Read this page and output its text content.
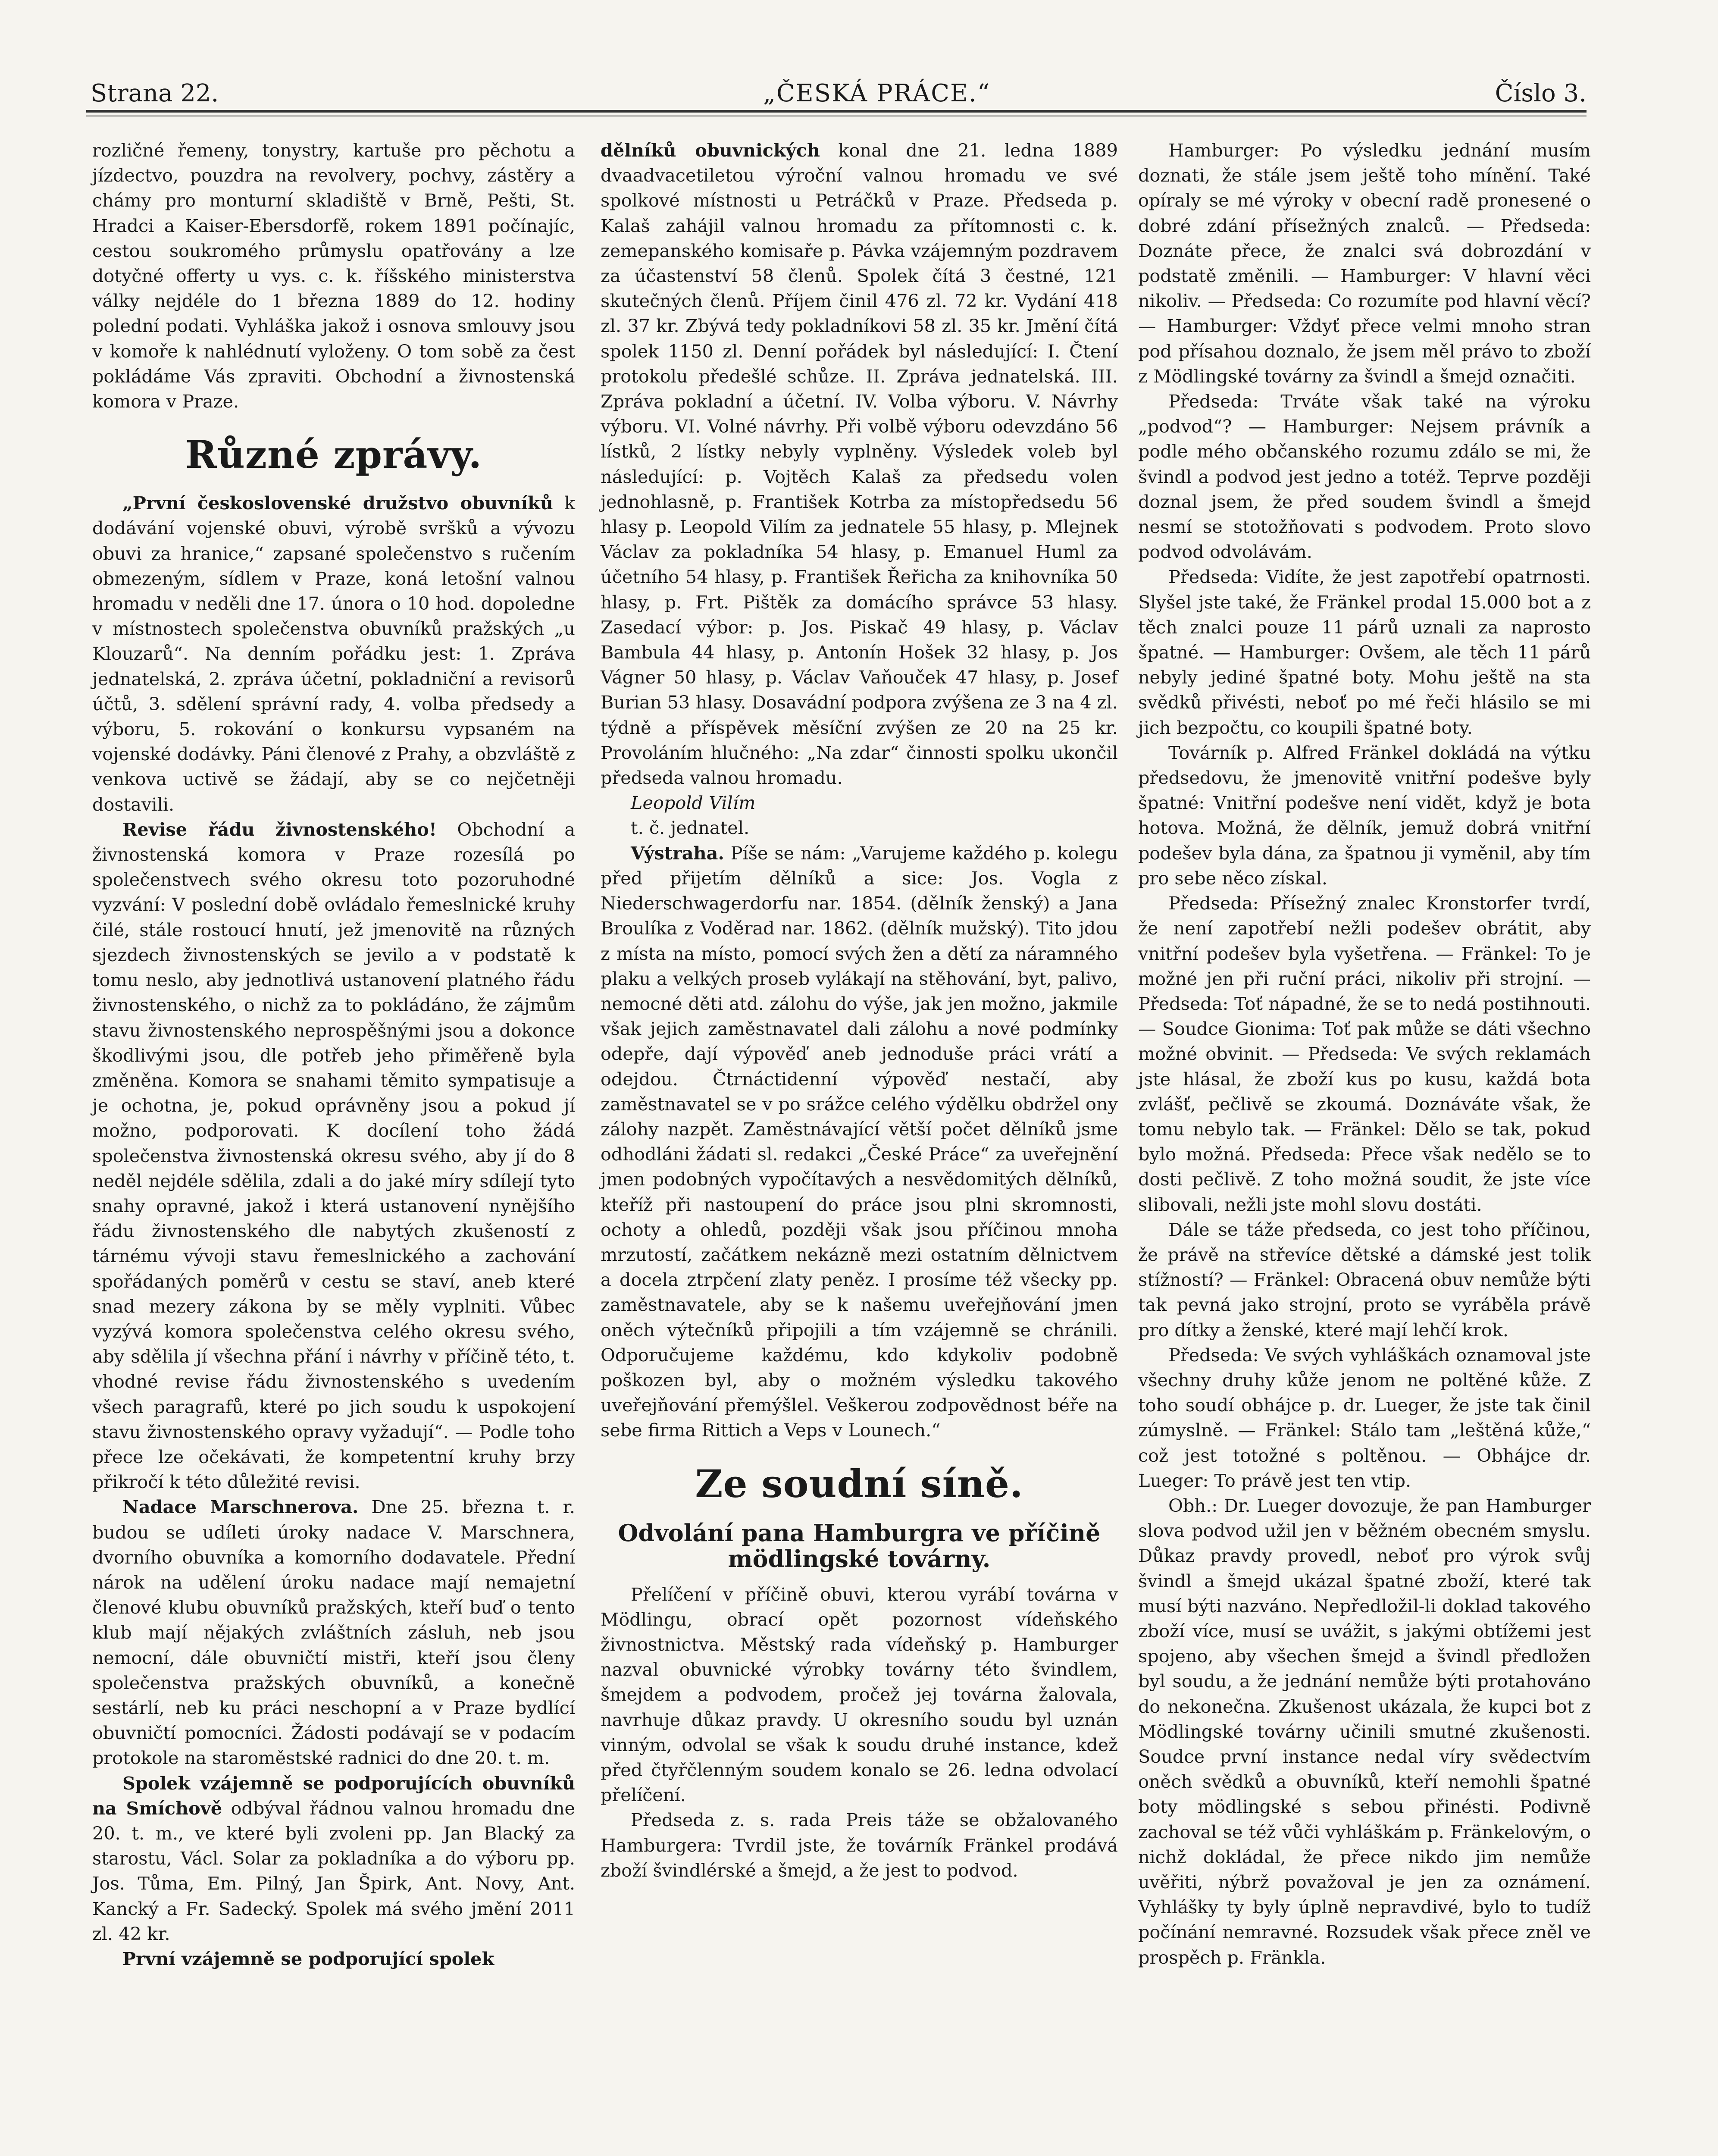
Strana 22.	„ČESKÁ PRÁCE.“	Číslo 3.

rozličné řemeny, tonystry, kartuše pro pěchotu a jízdectvo, pouzdra na revolvery, pochvy, zástěry a chámy pro monturní skladiště v Brně, Pešti, St. Hradci a Kaiser-Ebersdorfě, rokem 1891 počínajíc, cestou soukromého průmyslu opatřovány a lze dotyčné offerty u vys. c. k. říšského ministerstva války nejdéle do 1 března 1889 do 12. hodiny polední podati. Vyhláška jakož i osnova smlouvy jsou v komoře k nahlédnutí vyloženy. O tom sobě za čest pokládáme Vás zpraviti. Obchodní a živnostenská komora v Praze.

Různé zprávy.

„První československé družstvo obuvníků k dodávání vojenské obuvi, výrobě svršků a vývozu obuvi za hranice,“ zapsané společenstvo s ručením obmezeným, sídlem v Praze, koná letošní valnou hromadu v neděli dne 17. února o 10 hod. dopoledne v místnostech společenstva obuvníků pražských „u Klouzarů“. Na denním pořádku jest: 1. Zpráva jednatelská, 2. zpráva účetní, pokladniční a revisorů účtů, 3. sdělení správní rady, 4. volba předsedy a výboru, 5. rokování o konkursu vypsaném na vojenské dodávky. Páni členové z Prahy, a obzvláště z venkova uctivě se žádají, aby se co nejčetněji dostavili.

Revise řádu živnostenského! Obchodní a živnostenská komora v Praze rozesílá po společenstvech svého okresu toto pozoruhodné vyzvání: V poslední době ovládalo řemeslnické kruhy čilé, stále rostoucí hnutí, jež jmenovitě na různých sjezdech živnostenských se jevilo a v podstatě k tomu neslo, aby jednotlivá ustanovení platného řádu živnostenského, o nichž za to pokládáno, že zájmům stavu živnostenského neprospěšnými jsou a dokonce škodlivými jsou, dle potřeb jeho přiměřeně byla změněna. Komora se snahami těmito sympatisuje a je ochotna, je, pokud oprávněny jsou a pokud jí možno, podporovati. K docílení toho žádá společenstva živnostenská okresu svého, aby jí do 8 neděl nejdéle sdělila, zdali a do jaké míry sdílejí tyto snahy opravné, jakož i která ustanovení nynějšího řádu živnostenského dle nabytých zkušeností z tárnému vývoji stavu řemeslnického a zachování spořádaných poměrů v cestu se staví, aneb které snad mezery zákona by se měly vyplniti. Vůbec vyzývá komora společenstva celého okresu svého, aby sdělila jí všechna přání i návrhy v příčině této, t. vhodné revise řádu živnostenského s uvedením všech paragrafů, které po jich soudu k uspokojení stavu živnostenského opravy vyžadují“. — Podle toho přece lze očekávati, že kompetentní kruhy brzy přikročí k této důležité revisi.

Nadace Marschnerova. Dne 25. března t. r. budou se udíleti úroky nadace V. Marschnera, dvorního obuvníka a komorního dodavatele. Přední nárok na udělení úroku nadace mají nemajetní členové klubu obuvníků pražských, kteří buď o tento klub mají nějakých zvláštních zásluh, neb jsou nemocní, dále obuvničtí mistři, kteří jsou členy společenstva pražských obuvníků, a konečně sestárlí, neb ku práci neschopní a v Praze bydlící obuvničtí pomocníci. Žádosti podávají se v podacím protokole na staroměstské radnici do dne 20. t. m.

Spolek vzájemně se podporujících obuvníků na Smíchově odbýval řádnou valnou hromadu dne 20. t. m., ve které byli zvoleni pp. Jan Blacký za starostu, Václ. Solar za pokladníka a do výboru pp. Jos. Tůma, Em. Pilný, Jan Špirk, Ant. Novy, Ant. Kancký a Fr. Sadecký. Spolek má svého jmění 2011 zl. 42 kr.

První vzájemně se podporující spolek

dělníků obuvnických konal dne 21. ledna 1889 dvaadvacetiletou výroční valnou hromadu ve své spolkové místnosti u Petráčků v Praze. Předseda p. Kalaš zahájil valnou hromadu za přítomnosti c. k. zemepanského komisaře p. Pávka vzájemným pozdravem za účastenství 58 členů. Spolek čítá 3 čestné, 121 skutečných členů. Příjem činil 476 zl. 72 kr. Vydání 418 zl. 37 kr. Zbývá tedy pokladníkovi 58 zl. 35 kr. Jmění čítá spolek 1150 zl. Denní pořádek byl následující: I. Čtení protokolu předešlé schůze. II. Zpráva jednatelská. III. Zpráva pokladní a účetní. IV. Volba výboru. V. Návrhy výboru. VI. Volné návrhy. Při volbě výboru odevzdáno 56 lístků, 2 lístky nebyly vyplněny. Výsledek voleb byl následující: p. Vojtěch Kalaš za předsedu volen jednohlasně, p. František Kotrba za místopředsedu 56 hlasy p. Leopold Vilím za jednatele 55 hlasy, p. Mlejnek Václav za pokladníka 54 hlasy, p. Emanuel Huml za účetního 54 hlasy, p. František Řeřicha za knihovníka 50 hlasy, p. Frt. Pištěk za domácího správce 53 hlasy. Zasedací výbor: p. Jos. Piskač 49 hlasy, p. Václav Bambula 44 hlasy, p. Antonín Hošek 32 hlasy, p. Jos Vágner 50 hlasy, p. Václav Vaňouček 47 hlasy, p. Josef Burian 53 hlasy. Dosavádní podpora zvýšena ze 3 na 4 zl. týdně a příspěvek měsíční zvýšen ze 20 na 25 kr. Provoláním hlučného: „Na zdar“ činnosti spolku ukončil předseda valnou hromadu.

Leopold Vilím

t. č. jednatel.

Výstraha. Píše se nám: „Varujeme každého p. kolegu před přijetím dělníků a sice: Jos. Vogla z Niederschwagerdorfu nar. 1854. (dělník ženský) a Jana Broulíka z Voděrad nar. 1862. (dělník mužský). Tito jdou z místa na místo, pomocí svých žen a dětí za náramného plaku a velkých proseb vylákají na stěhování, byt, palivo, nemocné děti atd. zálohu do výše, jak jen možno, jakmile však jejich zaměstnavatel dali zálohu a nové podmínky odepře, dají výpověď aneb jednoduše práci vrátí a odejdou. Čtrnáctidenní výpověď nestačí, aby zaměstnavatel se v po srážce celého výdělku obdržel ony zálohy nazpět. Zaměstnávající větší počet dělníků jsme odhodláni žádati sl. redakci „České Práce“ za uveřejnění jmen podobných vypočítavých a nesvědomitých dělníků, kteříž při nastoupení do práce jsou plni skromnosti, ochoty a ohledů, později však jsou příčinou mnoha mrzutostí, začátkem nekázně mezi ostatním dělnictvem a docela ztrpčení zlaty peněz. I prosíme též všecky pp. zaměstnavatele, aby se k našemu uveřejňování jmen oněch výtečníků připojili a tím vzájemně se chránili. Odporučujeme každému, kdo kdykoliv podobně poškozen byl, aby o možném výsledku takového uveřejňování přemýšlel. Veškerou zodpovědnost béře na sebe firma Rittich a Veps v Lounech.“

Ze soudní síně.
Odvolání pana Hamburgra ve příčině mödlingské továrny.

Přelíčení v příčině obuvi, kterou vyrábí továrna v Mödlingu, obrací opět pozornost vídeňského živnostnictva. Městský rada vídeňský p. Hamburger nazval obuvnické výrobky továrny této švindlem, šmejdem a podvodem, pročež jej továrna žalovala, navrhuje důkaz pravdy. U okresního soudu byl uznán vinným, odvolal se však k soudu druhé instance, kdež před čtyřčlenným soudem konalo se 26. ledna odvolací přelíčení.

Předseda z. s. rada Preis táže se obžalovaného Hamburgera: Tvrdil jste, že továrník Fränkel prodává zboží švindlérské a šmejd, a že jest to podvod.

Hamburger: Po výsledku jednání musím doznati, že stále jsem ještě toho mínění. Také opíraly se mé výroky v obecní radě pronesené o dobré zdání přísežných znalců. — Předseda: Doznáte přece, že znalci svá dobrozdání v podstatě změnili. — Hamburger: V hlavní věci nikoliv. — Předseda: Co rozumíte pod hlavní věcí? — Hamburger: Vždyť přece velmi mnoho stran pod přísahou doznalo, že jsem měl právo to zboží z Mödlingské továrny za švindl a šmejd označiti.

Předseda: Trváte však také na výroku „podvod“? — Hamburger: Nejsem právník a podle mého občanského rozumu zdálo se mi, že švindl a podvod jest jedno a totéž. Teprve později doznal jsem, že před soudem švindl a šmejd nesmí se stotožňovati s podvodem. Proto slovo podvod odvolávám.

Předseda: Vidíte, že jest zapotřebí opatrnosti. Slyšel jste také, že Fränkel prodal 15.000 bot a z těch znalci pouze 11 párů uznali za naprosto špatné. — Hamburger: Ovšem, ale těch 11 párů nebyly jediné špatné boty. Mohu ještě na sta svědků přivésti, neboť po mé řeči hlásilo se mi jich bezpočtu, co koupili špatné boty.

Továrník p. Alfred Fränkel dokládá na výtku předsedovu, že jmenovitě vnitřní podešve byly špatné: Vnitřní podešve není vidět, když je bota hotova. Možná, že dělník, jemuž dobrá vnitřní podešev byla dána, za špatnou ji vyměnil, aby tím pro sebe něco získal.

Předseda: Přísežný znalec Kronstorfer tvrdí, že není zapotřebí nežli podešev obrátit, aby vnitřní podešev byla vyšetřena. — Fränkel: To je možné jen při ruční práci, nikoliv při strojní. — Předseda: Toť nápadné, že se to nedá postihnouti. — Soudce Gionima: Toť pak může se dáti všechno možné obvinit. — Předseda: Ve svých reklamách jste hlásal, že zboží kus po kusu, každá bota zvlášť, pečlivě se zkoumá. Doznáváte však, že tomu nebylo tak. — Fränkel: Dělo se tak, pokud bylo možná. Předseda: Přece však nedělo se to dosti pečlivě. Z toho možná soudit, že jste více slibovali, nežli jste mohl slovu dostáti.

Dále se táže předseda, co jest toho příčinou, že právě na střevíce dětské a dámské jest tolik stížností? — Fränkel: Obracená obuv nemůže býti tak pevná jako strojní, proto se vyráběla právě pro dítky a ženské, které mají lehčí krok.

Předseda: Ve svých vyhláškách oznamoval jste všechny druhy kůže jenom ne poltěné kůže. Z toho soudí obhájce p. dr. Lueger, že jste tak činil zúmyslně. — Fränkel: Stálo tam „leštěná kůže,“ což jest totožné s poltěnou. — Obhájce dr. Lueger: To právě jest ten vtip.

Obh.: Dr. Lueger dovozuje, že pan Hamburger slova podvod užil jen v běžném obecném smyslu. Důkaz pravdy provedl, neboť pro výrok svůj švindl a šmejd ukázal špatné zboží, které tak musí býti nazváno. Nepředložil-li doklad takového zboží více, musí se uvážit, s jakými obtížemi jest spojeno, aby všechen šmejd a švindl předložen byl soudu, a že jednání nemůže býti protahováno do nekonečna. Zkušenost ukázala, že kupci bot z Mödlingské továrny učinili smutné zkušenosti. Soudce první instance nedal víry svědectvím oněch svědků a obuvníků, kteří nemohli špatné boty mödlingské s sebou přinésti. Podivně zachoval se též vůči vyhláškám p. Fränkelovým, o nichž dokládal, že přece nikdo jim nemůže uvěřiti, nýbrž považoval je jen za oznámení. Vyhlášky ty byly úplně nepravdivé, bylo to tudíž počínání nemravné. Rozsudek však přece zněl ve prospěch p. Fränkla.
